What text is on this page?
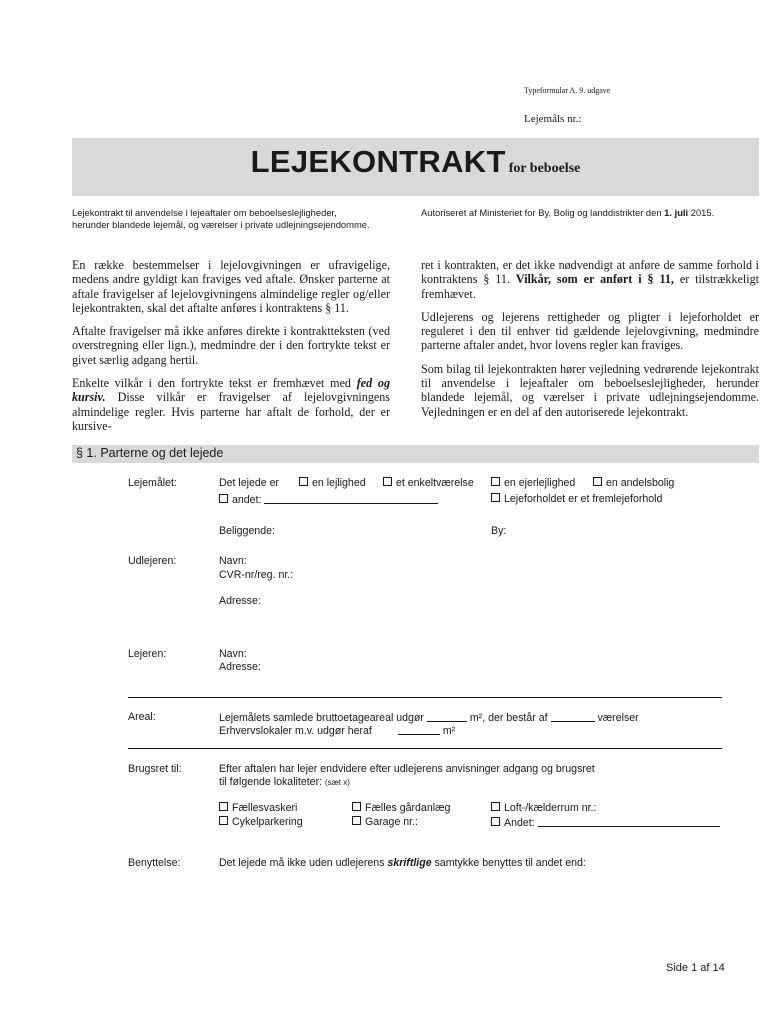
Typeformular A. 9. udgave
Lejemåls nr.:
LEJEKONTRAKT for beboelse
Lejekontrakt til anvendelse i lejeaftaler om beboelseslejligheder, herunder blandede lejemål, og værelser i private udlejningsejendomme.
Autoriseret af Ministeriet for By, Bolig og landdistrikter den 1. juli 2015.

En række bestemmelser i lejelovgivningen er ufravigelige, medens andre gyldigt kan fraviges ved aftale. Ønsker parterne at aftale fravigelser af lejelovgivningens almindelige regler og/eller lejekontrakten, skal det aftalte anføres i kontraktens § 11.

Aftalte fravigelser må ikke anføres direkte i kontraktteksten (ved overstregning eller lign.), medmindre der i den fortrykte tekst er givet særlig adgang hertil.

Enkelte vilkår i den fortrykte tekst er fremhævet med fed og kursiv. Disse vilkår er fravigelser af lejelovgivningens almindelige regler. Hvis parterne har aftalt de forhold, der er kursive-

ret i kontrakten, er det ikke nødvendigt at anføre de samme forhold i kontraktens § 11. Vilkår, som er anført i § 11, er tilstrækkeligt fremhævet.

Udlejerens og lejerens rettigheder og pligter i lejeforholdet er reguleret i den til enhver tid gældende lejelovgivning, medmindre parterne aftaler andet, hvor lovens regler kan fraviges.

Som bilag til lejekontrakten hører vejledning vedrørende lejekontrakt til anvendelse i lejeaftaler om beboelseslejligheder, herunder blandede lejemål, og værelser i private udlejningsejendomme. Vejledningen er en del af den autoriserede lejekontrakt.

§ 1. Parterne og det lejede
Lejemålet:	Det lejede er	en lejlighed	et enkeltværelse	en ejerlejlighed	en andelsbolig
andet:	Lejeforholdet er et fremlejeforhold
Beliggende:	By:
Udlejeren:	Navn:
CVR-nr/reg. nr.:
Adresse:
Lejeren:	Navn:
Adresse:
Areal:	Lejemålets samlede bruttoetageareal udgør	m², der består af	værelser
Erhvervslokaler m.v. udgør heraf	m²
Brugsret til:	Efter aftalen har lejer endvidere efter udlejerens anvisninger adgang og brugsret
til følgende lokaliteter: (sæt x)
Fællesvaskeri	Fælles gårdanlæg	Loft-/kælderrum nr.:
Cykelparkering	Garage nr.:	Andet:
Benyttelse:	Det lejede må ikke uden udlejerens skriftlige samtykke benyttes til andet end:
Side 1 af 14
